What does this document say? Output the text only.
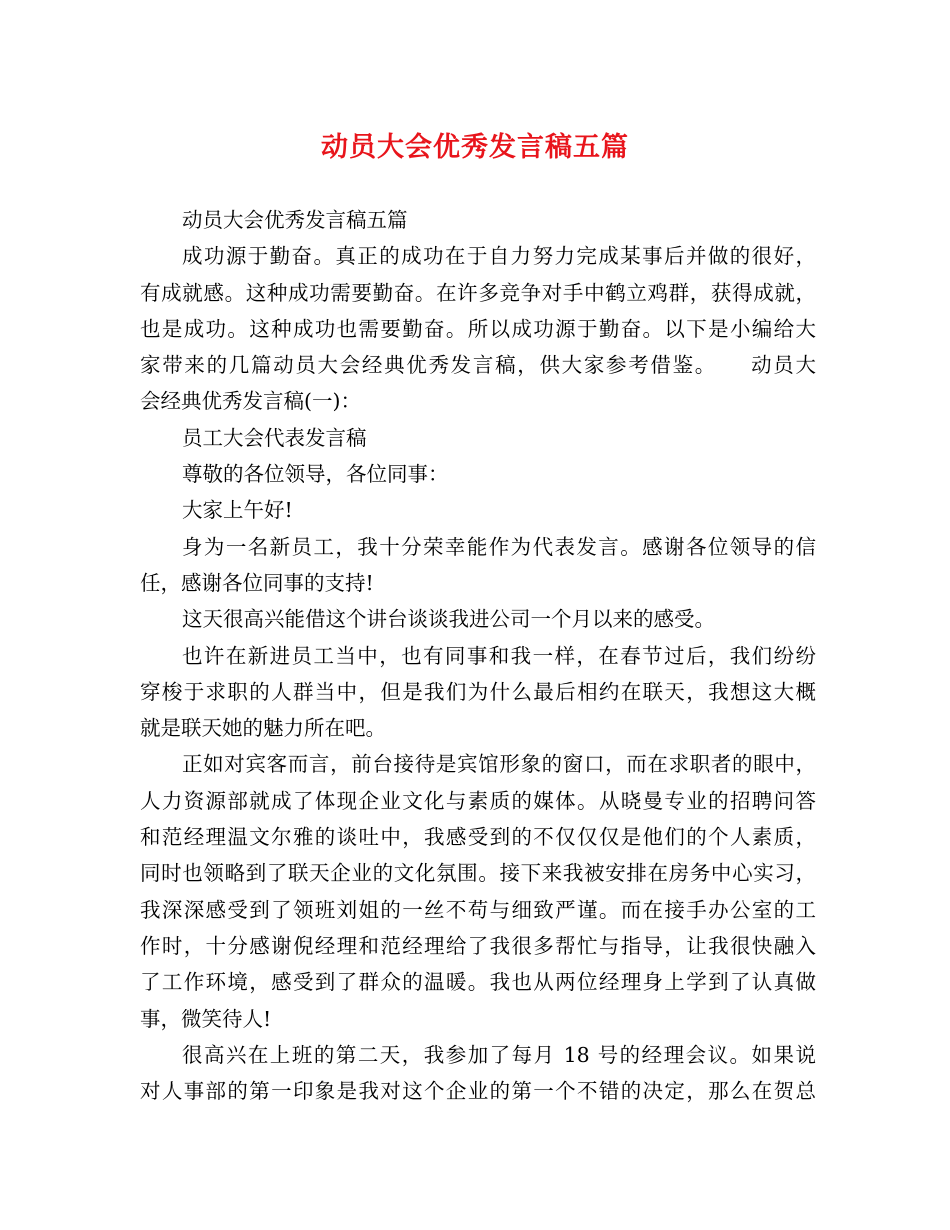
动员大会优秀发言稿五篇
动员大会优秀发言稿五篇
成功源于勤奋。真正的成功在于自力努力完成某事后并做的很好，
有成就感。这种成功需要勤奋。在许多竞争对手中鹤立鸡群，获得成就，
也是成功。这种成功也需要勤奋。所以成功源于勤奋。以下是小编给大
家带来的几篇动员大会经典优秀发言稿，供大家参考借鉴。　　动员大
会经典优秀发言稿(一)：
员工大会代表发言稿
尊敬的各位领导，各位同事：
大家上午好!
身为一名新员工，我十分荣幸能作为代表发言。感谢各位领导的信
任，感谢各位同事的支持!
这天很高兴能借这个讲台谈谈我进公司一个月以来的感受。
也许在新进员工当中，也有同事和我一样，在春节过后，我们纷纷
穿梭于求职的人群当中，但是我们为什么最后相约在联天，我想这大概
就是联天她的魅力所在吧。
正如对宾客而言，前台接待是宾馆形象的窗口，而在求职者的眼中，
人力资源部就成了体现企业文化与素质的媒体。从晓曼专业的招聘问答
和范经理温文尔雅的谈吐中，我感受到的不仅仅仅是他们的个人素质，
同时也领略到了联天企业的文化氛围。接下来我被安排在房务中心实习，
我深深感受到了领班刘姐的一丝不苟与细致严谨。而在接手办公室的工
作时，十分感谢倪经理和范经理给了我很多帮忙与指导，让我很快融入
了工作环境，感受到了群众的温暖。我也从两位经理身上学到了认真做
事，微笑待人!
很高兴在上班的第二天，我参加了每月 18 号的经理会议。如果说
对人事部的第一印象是我对这个企业的第一个不错的决定，那么在贺总
